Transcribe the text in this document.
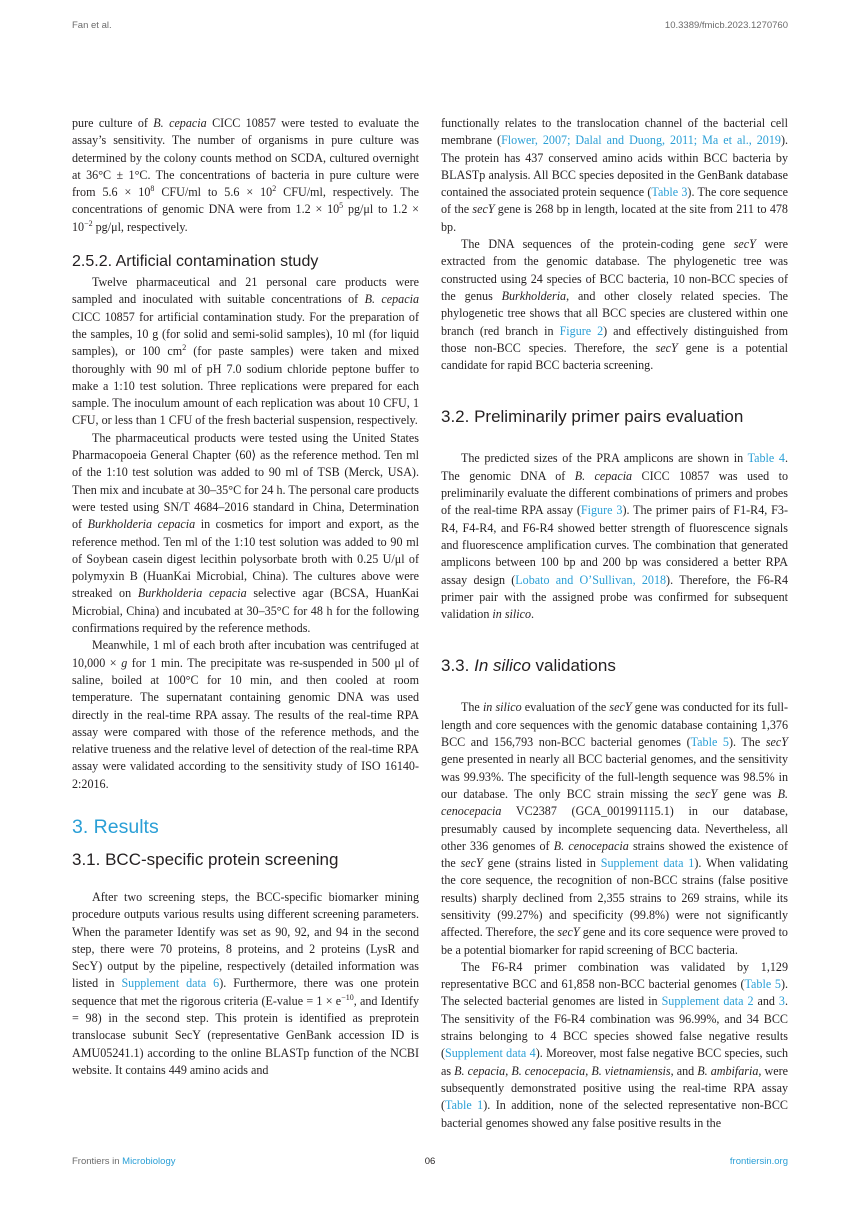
Fan et al.	10.3389/fmicb.2023.1270760

pure culture of B. cepacia CICC 10857 were tested to evaluate the assay’s sensitivity. The number of organisms in pure culture was determined by the colony counts method on SCDA, cultured overnight at 36°C ± 1°C. The concentrations of bacteria in pure culture were from $5.6 \times 10^8$ CFU/ml to $5.6 \times 10^2$ CFU/ml, respectively. The concentrations of genomic DNA were from $1.2 \times 10^5$ pg/μl to $1.2 \times 10^{-2}$ pg/μl, respectively.

2.5.2. Artificial contamination study

Twelve pharmaceutical and 21 personal care products were sampled and inoculated with suitable concentrations of B. cepacia CICC 10857 for artificial contamination study. For the preparation of the samples, 10 g (for solid and semi-solid samples), 10 ml (for liquid samples), or 100 $cm^2$ (for paste samples) were taken and mixed thoroughly with 90 ml of pH 7.0 sodium chloride peptone buffer to make a 1:10 test solution. Three replications were prepared for each sample. The inoculum amount of each replication was about 10 CFU, 1 CFU, or less than 1 CFU of the fresh bacterial suspension, respectively.

The pharmaceutical products were tested using the United States Pharmacopoeia General Chapter ⟨60⟩ as the reference method. Ten ml of the 1:10 test solution was added to 90 ml of TSB (Merck, USA). Then mix and incubate at 30–35°C for 24 h. The personal care products were tested using SN/T 4684–2016 standard in China, Determination of Burkholderia cepacia in cosmetics for import and export, as the reference method. Ten ml of the 1:10 test solution was added to 90 ml of Soybean casein digest lecithin polysorbate broth with 0.25 U/μl of polymyxin B (HuanKai Microbial, China). The cultures above were streaked on Burkholderia cepacia selective agar (BCSA, HuanKai Microbial, China) and incubated at 30–35°C for 48 h for the following confirmations required by the reference methods.

Meanwhile, 1 ml of each broth after incubation was centrifuged at 10,000 × g for 1 min. The precipitate was re-suspended in 500 μl of saline, boiled at 100°C for 10 min, and then cooled at room temperature. The supernatant containing genomic DNA was used directly in the real-time RPA assay. The results of the real-time RPA assay were compared with those of the reference methods, and the relative trueness and the relative level of detection of the real-time RPA assay were validated according to the sensitivity study of ISO 16140-2:2016.

3. Results
3.1. BCC-specific protein screening

After two screening steps, the BCC-specific biomarker mining procedure outputs various results using different screening parameters. When the parameter Identify was set as 90, 92, and 94 in the second step, there were 70 proteins, 8 proteins, and 2 proteins (LysR and SecY) output by the pipeline, respectively (detailed information was listed in Supplement data 6). Furthermore, there was one protein sequence that met the rigorous criteria (E-value = $1 \times e^{-10}$, and Identify = 98) in the second step. This protein is identified as preprotein translocase subunit SecY (representative GenBank accession ID is AMU05241.1) according to the online BLASTp function of the NCBI website. It contains 449 amino acids and

functionally relates to the translocation channel of the bacterial cell membrane (Flower, 2007; Dalal and Duong, 2011; Ma et al., 2019). The protein has 437 conserved amino acids within BCC bacteria by BLASTp analysis. All BCC species deposited in the GenBank database contained the associated protein sequence (Table 3). The core sequence of the secY gene is 268 bp in length, located at the site from 211 to 478 bp.

The DNA sequences of the protein-coding gene secY were extracted from the genomic database. The phylogenetic tree was constructed using 24 species of BCC bacteria, 10 non-BCC species of the genus Burkholderia, and other closely related species. The phylogenetic tree shows that all BCC species are clustered within one branch (red branch in Figure 2) and effectively distinguished from those non-BCC species. Therefore, the secY gene is a potential candidate for rapid BCC bacteria screening.

3.2. Preliminarily primer pairs evaluation

The predicted sizes of the PRA amplicons are shown in Table 4. The genomic DNA of B. cepacia CICC 10857 was used to preliminarily evaluate the different combinations of primers and probes of the real-time RPA assay (Figure 3). The primer pairs of F1-R4, F3-R4, F4-R4, and F6-R4 showed better strength of fluorescence signals and fluorescence amplification curves. The combination that generated amplicons between 100 bp and 200 bp was considered a better RPA assay design (Lobato and O’Sullivan, 2018). Therefore, the F6-R4 primer pair with the assigned probe was confirmed for subsequent validation in silico.

3.3. In silico validations

The in silico evaluation of the secY gene was conducted for its full-length and core sequences with the genomic database containing 1,376 BCC and 156,793 non-BCC bacterial genomes (Table 5). The secY gene presented in nearly all BCC bacterial genomes, and the sensitivity was 99.93%. The specificity of the full-length sequence was 98.5% in our database. The only BCC strain missing the secY gene was B. cenocepacia VC2387 (GCA_001991115.1) in our database, presumably caused by incomplete sequencing data. Nevertheless, all other 336 genomes of B. cenocepacia strains showed the existence of the secY gene (strains listed in Supplement data 1). When validating the core sequence, the recognition of non-BCC strains (false positive results) sharply declined from 2,355 strains to 269 strains, while its sensitivity (99.27%) and specificity (99.8%) were not significantly affected. Therefore, the secY gene and its core sequence were proved to be a potential biomarker for rapid screening of BCC bacteria.

The F6-R4 primer combination was validated by 1,129 representative BCC and 61,858 non-BCC bacterial genomes (Table 5). The selected bacterial genomes are listed in Supplement data 2 and 3. The sensitivity of the F6-R4 combination was 96.99%, and 34 BCC strains belonging to 4 BCC species showed false negative results (Supplement data 4). Moreover, most false negative BCC species, such as B. cepacia, B. cenocepacia, B. vietnamiensis, and B. ambifaria, were subsequently demonstrated positive using the real-time RPA assay (Table 1). In addition, none of the selected representative non-BCC bacterial genomes showed any false positive results in the

Frontiers in Microbiology	06	frontiersin.org
